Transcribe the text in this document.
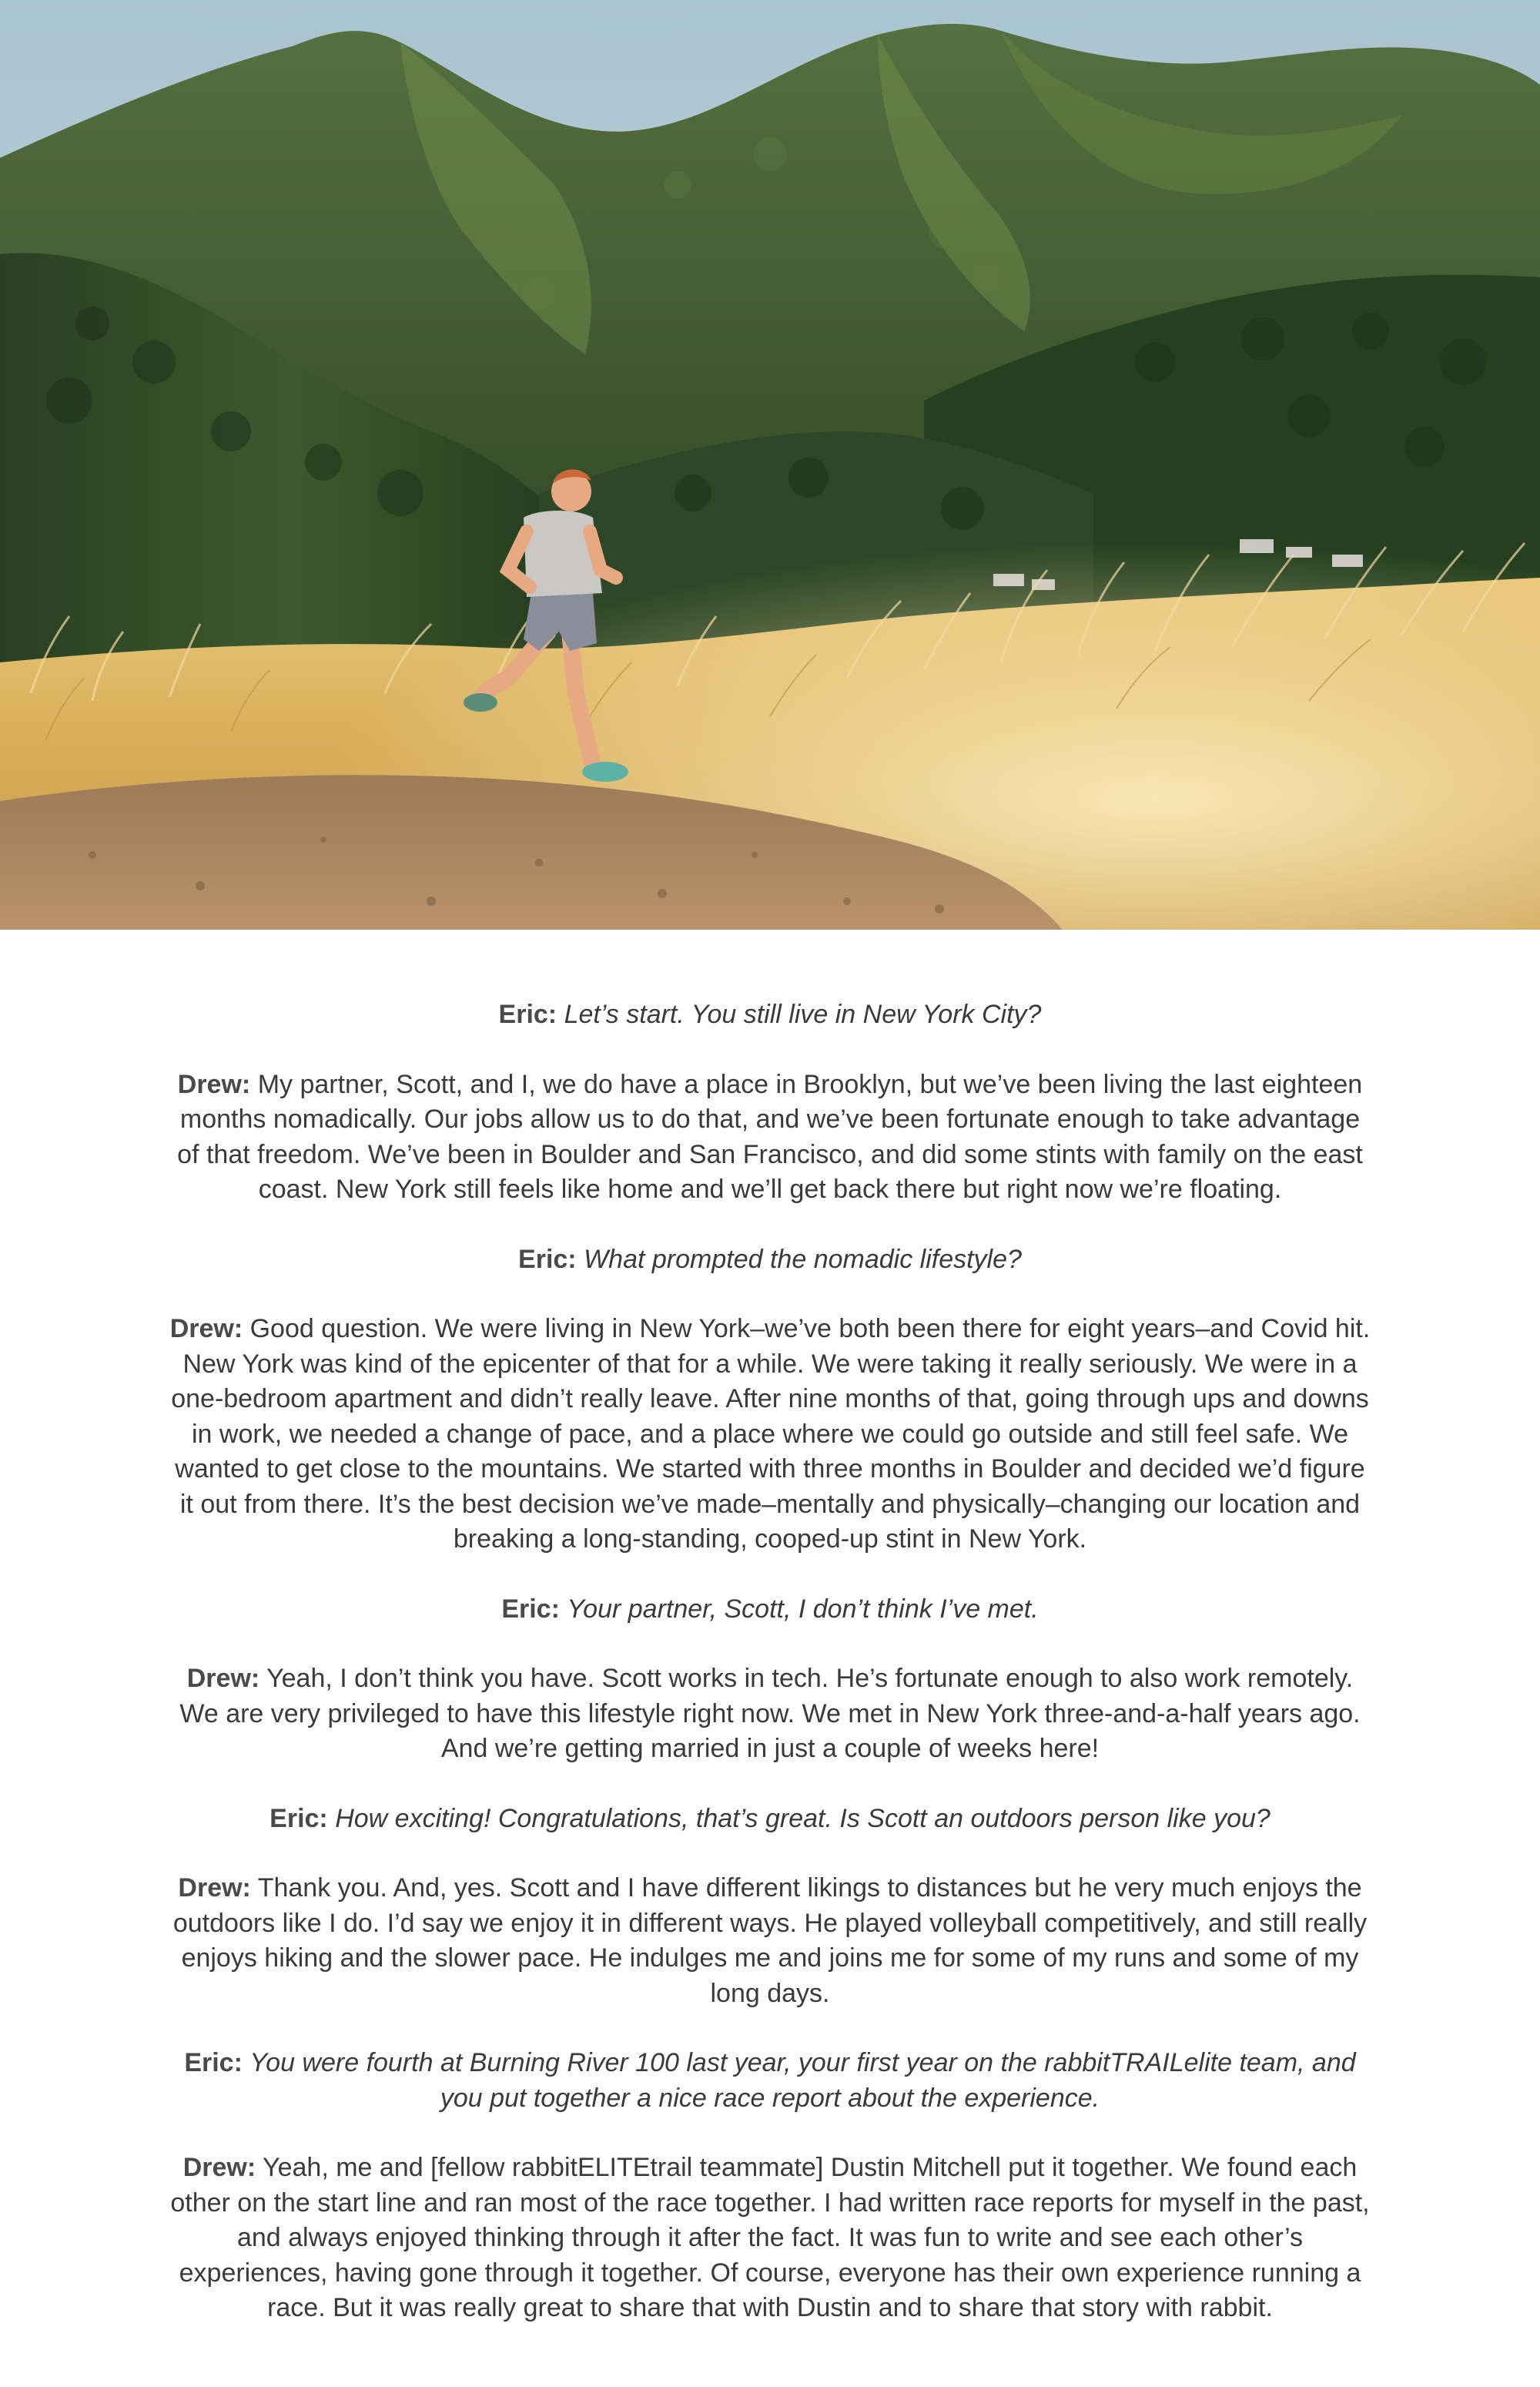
Eric: Let’s start. You still live in New York City?

Drew: My partner, Scott, and I, we do have a place in Brooklyn, but we’ve been living the last eighteen months nomadically. Our jobs allow us to do that, and we’ve been fortunate enough to take advantage of that freedom. We’ve been in Boulder and San Francisco, and did some stints with family on the east coast. New York still feels like home and we’ll get back there but right now we’re floating.

Eric: What prompted the nomadic lifestyle?

Drew: Good question. We were living in New York–we’ve both been there for eight years–and Covid hit. New York was kind of the epicenter of that for a while. We were taking it really seriously. We were in a one-bedroom apartment and didn’t really leave. After nine months of that, going through ups and downs in work, we needed a change of pace, and a place where we could go outside and still feel safe. We wanted to get close to the mountains. We started with three months in Boulder and decided we’d figure it out from there. It’s the best decision we’ve made–mentally and physically–changing our location and breaking a long-standing, cooped-up stint in New York.

Eric: Your partner, Scott, I don’t think I’ve met.

Drew: Yeah, I don’t think you have. Scott works in tech. He’s fortunate enough to also work remotely. We are very privileged to have this lifestyle right now. We met in New York three-and-a-half years ago. And we’re getting married in just a couple of weeks here!

Eric: How exciting! Congratulations, that’s great. Is Scott an outdoors person like you?

Drew: Thank you. And, yes. Scott and I have different likings to distances but he very much enjoys the outdoors like I do. I’d say we enjoy it in different ways. He played volleyball competitively, and still really enjoys hiking and the slower pace. He indulges me and joins me for some of my runs and some of my long days.

Eric: You were fourth at Burning River 100 last year, your first year on the rabbitTRAILelite team, and you put together a nice race report about the experience.

Drew: Yeah, me and [fellow rabbitELITEtrail teammate] Dustin Mitchell put it together. We found each other on the start line and ran most of the race together. I had written race reports for myself in the past, and always enjoyed thinking through it after the fact. It was fun to write and see each other’s experiences, having gone through it together. Of course, everyone has their own experience running a race. But it was really great to share that with Dustin and to share that story with rabbit.
